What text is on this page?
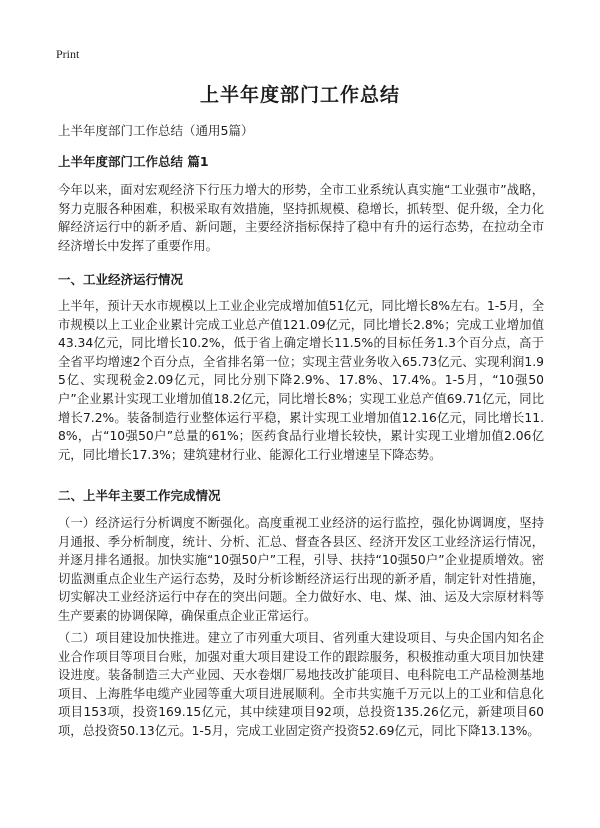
Print
上半年度部门工作总结

上半年度部门工作总结（通用5篇）

上半年度部门工作总结 篇1

今年以来，面对宏观经济下行压力增大的形势，全市工业系统认真实施“工业强市”战略，努力克服各种困难，积极采取有效措施，坚持抓规模、稳增长，抓转型、促升级，全力化解经济运行中的新矛盾、新问题，主要经济指标保持了稳中有升的运行态势，在拉动全市经济增长中发挥了重要作用。

一、工业经济运行情况

上半年，预计天水市规模以上工业企业完成增加值51亿元，同比增长8%左右。1-5月，全市规模以上工业企业累计完成工业总产值121.09亿元，同比增长2.8%；完成工业增加值43.34亿元，同比增长10.2%，低于省上确定增长11.5%的目标任务1.3个百分点，高于全省平均增速2个百分点，全省排名第一位；实现主营业务收入65.73亿元、实现利润1.95亿、实现税金2.09亿元，同比分别下降2.9%、17.8%、17.4%。1-5月，“10强50户”企业累计实现工业增加值18.2亿元，同比增长8%；实现工业总产值69.71亿元，同比增长7.2%。装备制造行业整体运行平稳，累计实现工业增加值12.16亿元，同比增长11.8%，占“10强50户”总量的61%；医药食品行业增长较快，累计实现工业增加值2.06亿元，同比增长17.3%；建筑建材行业、能源化工行业增速呈下降态势。

二、上半年主要工作完成情况

（一）经济运行分析调度不断强化。高度重视工业经济的运行监控，强化协调调度，坚持月通报、季分析制度，统计、分析、汇总、督查各县区、经济开发区工业经济运行情况，并逐月排名通报。加快实施“10强50户”工程，引导、扶持“10强50户”企业提质增效。密切监测重点企业生产运行态势，及时分析诊断经济运行出现的新矛盾，制定针对性措施，切实解决工业经济运行中存在的突出问题。全力做好水、电、煤、油、运及大宗原材料等生产要素的协调保障，确保重点企业正常运行。

（二）项目建设加快推进。建立了市列重大项目、省列重大建设项目、与央企国内知名企业合作项目等项目台账，加强对重大项目建设工作的跟踪服务，积极推动重大项目加快建设进度。装备制造三大产业园、天水卷烟厂易地技改扩能项目、电科院电工产品检测基地项目、上海胜华电缆产业园等重大项目进展顺利。全市共实施千万元以上的工业和信息化项目153项，投资169.15亿元，其中续建项目92项，总投资135.26亿元，新建项目60项，总投资50.13亿元。1-5月，完成工业固定资产投资52.69亿元，同比下降13.13%。
